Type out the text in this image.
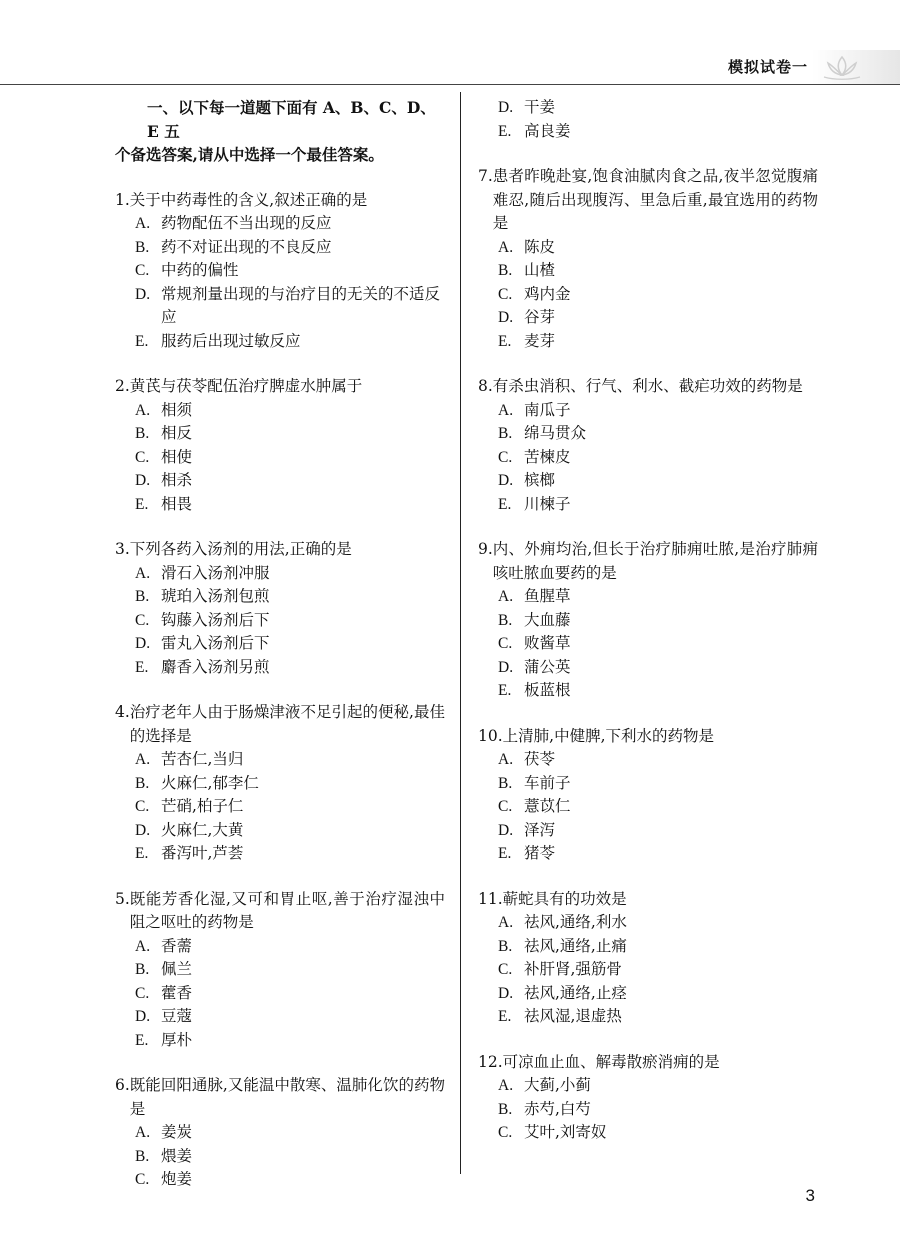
模拟试卷一
一、以下每一道题下面有 A、B、C、D、E 五
个备选答案,请从中选择一个最佳答案。
1. 关于中药毒性的含义,叙述正确的是
A. 药物配伍不当出现的反应
B. 药不对证出现的不良反应
C. 中药的偏性
D. 常规剂量出现的与治疗目的无关的不适反应
E. 服药后出现过敏反应
2. 黄芪与茯苓配伍治疗脾虚水肿属于
A. 相须
B. 相反
C. 相使
D. 相杀
E. 相畏
3. 下列各药入汤剂的用法,正确的是
A. 滑石入汤剂冲服
B. 琥珀入汤剂包煎
C. 钩藤入汤剂后下
D. 雷丸入汤剂后下
E. 麝香入汤剂另煎
4. 治疗老年人由于肠燥津液不足引起的便秘,最佳的选择是
A. 苦杏仁,当归
B. 火麻仁,郁李仁
C. 芒硝,柏子仁
D. 火麻仁,大黄
E. 番泻叶,芦荟
5. 既能芳香化湿,又可和胃止呕,善于治疗湿浊中阻之呕吐的药物是
A. 香薷
B. 佩兰
C. 藿香
D. 豆蔻
E. 厚朴
6. 既能回阳通脉,又能温中散寒、温肺化饮的药物是
A. 姜炭
B. 煨姜
C. 炮姜
D. 干姜
E. 高良姜
7. 患者昨晚赴宴,饱食油腻肉食之品,夜半忽觉腹痛难忍,随后出现腹泻、里急后重,最宜选用的药物是
A. 陈皮
B. 山楂
C. 鸡内金
D. 谷芽
E. 麦芽
8. 有杀虫消积、行气、利水、截疟功效的药物是
A. 南瓜子
B. 绵马贯众
C. 苦楝皮
D. 槟榔
E. 川楝子
9. 内、外痈均治,但长于治疗肺痈吐脓,是治疗肺痈咳吐脓血要药的是
A. 鱼腥草
B. 大血藤
C. 败酱草
D. 蒲公英
E. 板蓝根
10. 上清肺,中健脾,下利水的药物是
A. 茯苓
B. 车前子
C. 薏苡仁
D. 泽泻
E. 猪苓
11. 蕲蛇具有的功效是
A. 祛风,通络,利水
B. 祛风,通络,止痛
C. 补肝肾,强筋骨
D. 祛风,通络,止痉
E. 祛风湿,退虚热
12. 可凉血止血、解毒散瘀消痈的是
A. 大蓟,小蓟
B. 赤芍,白芍
C. 艾叶,刘寄奴
3
